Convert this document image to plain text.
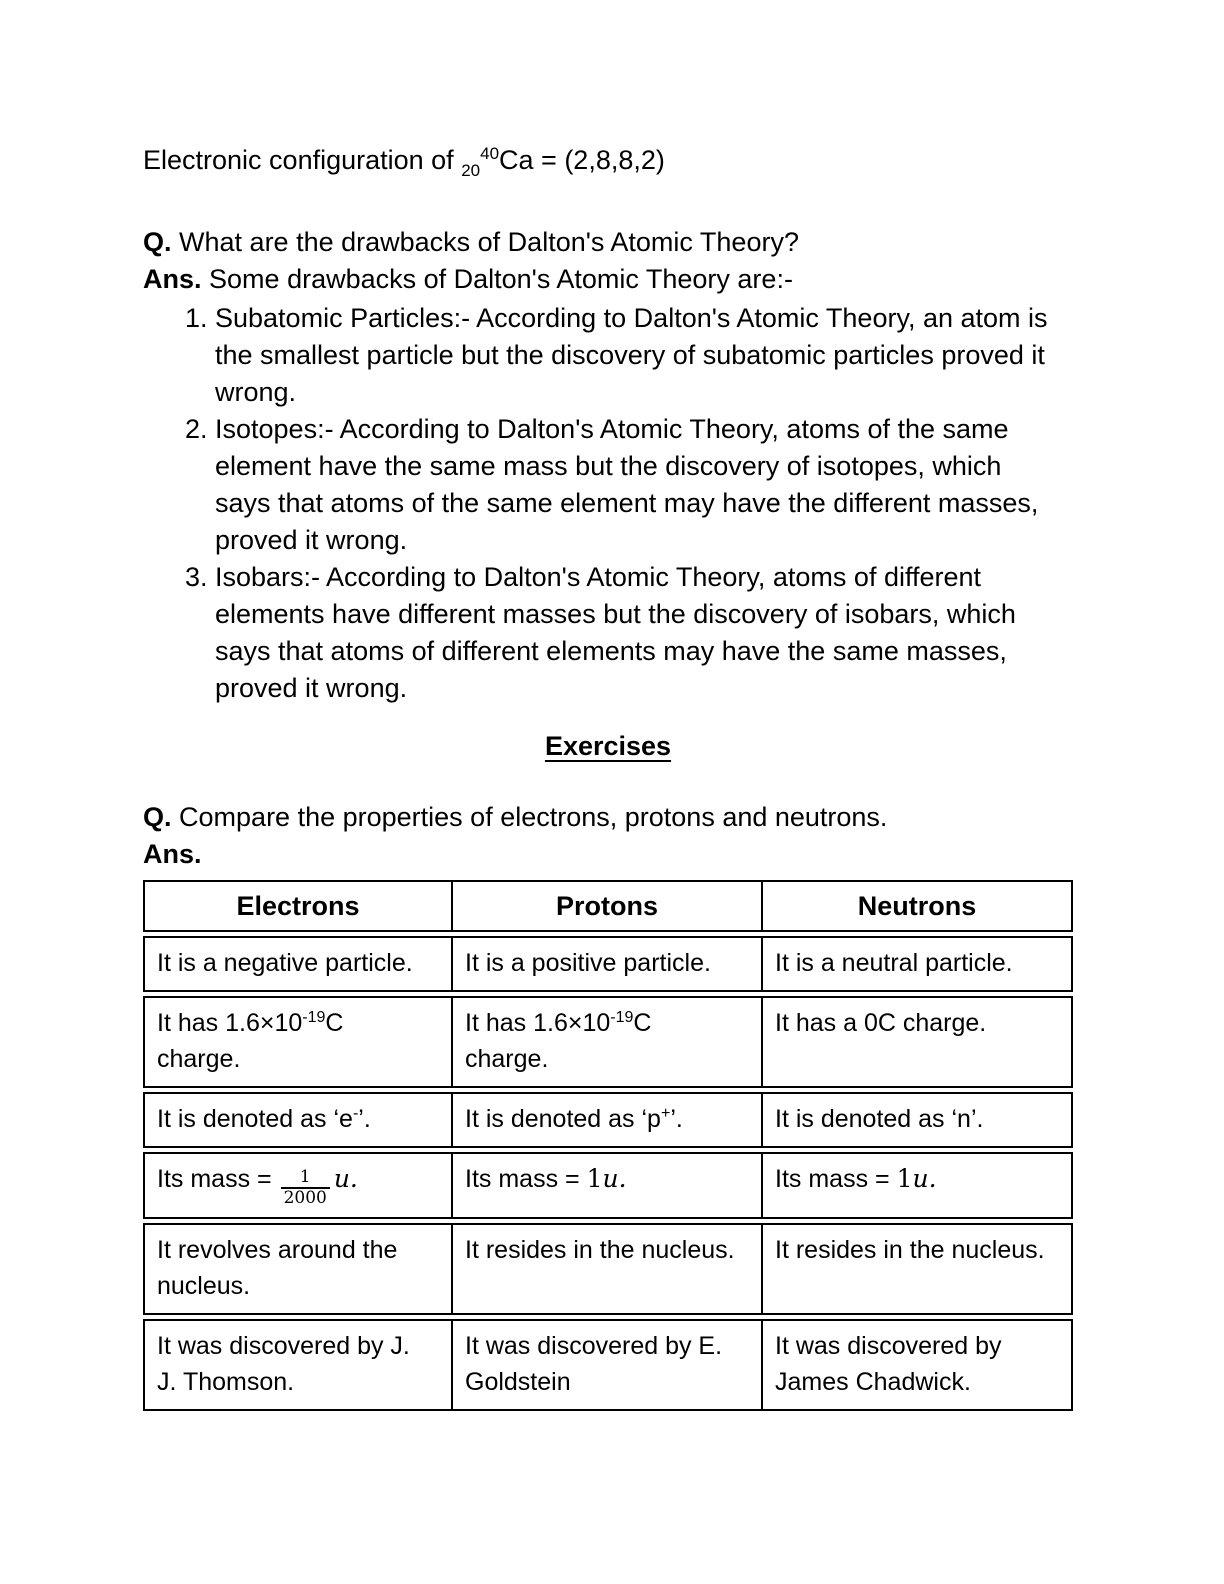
Electronic configuration of $_{20}^{40}$Ca = (2,8,8,2)

Q. What are the drawbacks of Dalton's Atomic Theory?

Ans. Some drawbacks of Dalton's Atomic Theory are:-

1. Subatomic Particles:- According to Dalton's Atomic Theory, an atom is the smallest particle but the discovery of subatomic particles proved it wrong.
2. Isotopes:- According to Dalton's Atomic Theory, atoms of the same element have the same mass but the discovery of isotopes, which says that atoms of the same element may have the different masses, proved it wrong.
3. Isobars:- According to Dalton's Atomic Theory, atoms of different elements have different masses but the discovery of isobars, which says that atoms of different elements may have the same masses, proved it wrong.

Exercises

Q. Compare the properties of electrons, protons and neutrons.

Ans.

Electrons	Protons	Neutrons
It is a negative particle.	It is a positive particle.	It is a neutral particle.
It has $1.6\times 10^{-19}C$ charge.	It has $1.6\times 10^{-19}C$ charge.	It has a 0C charge.
It is denoted as ‘e-’.	It is denoted as ‘p+’.	It is denoted as ‘n’.
Its mass = $\frac{1}{2000} u$.	Its mass = 1u.	Its mass = 1u.
It revolves around the nucleus.	It resides in the nucleus.	It resides in the nucleus.
It was discovered by J. J. Thomson.	It was discovered by E. Goldstein	It was discovered by James Chadwick.
